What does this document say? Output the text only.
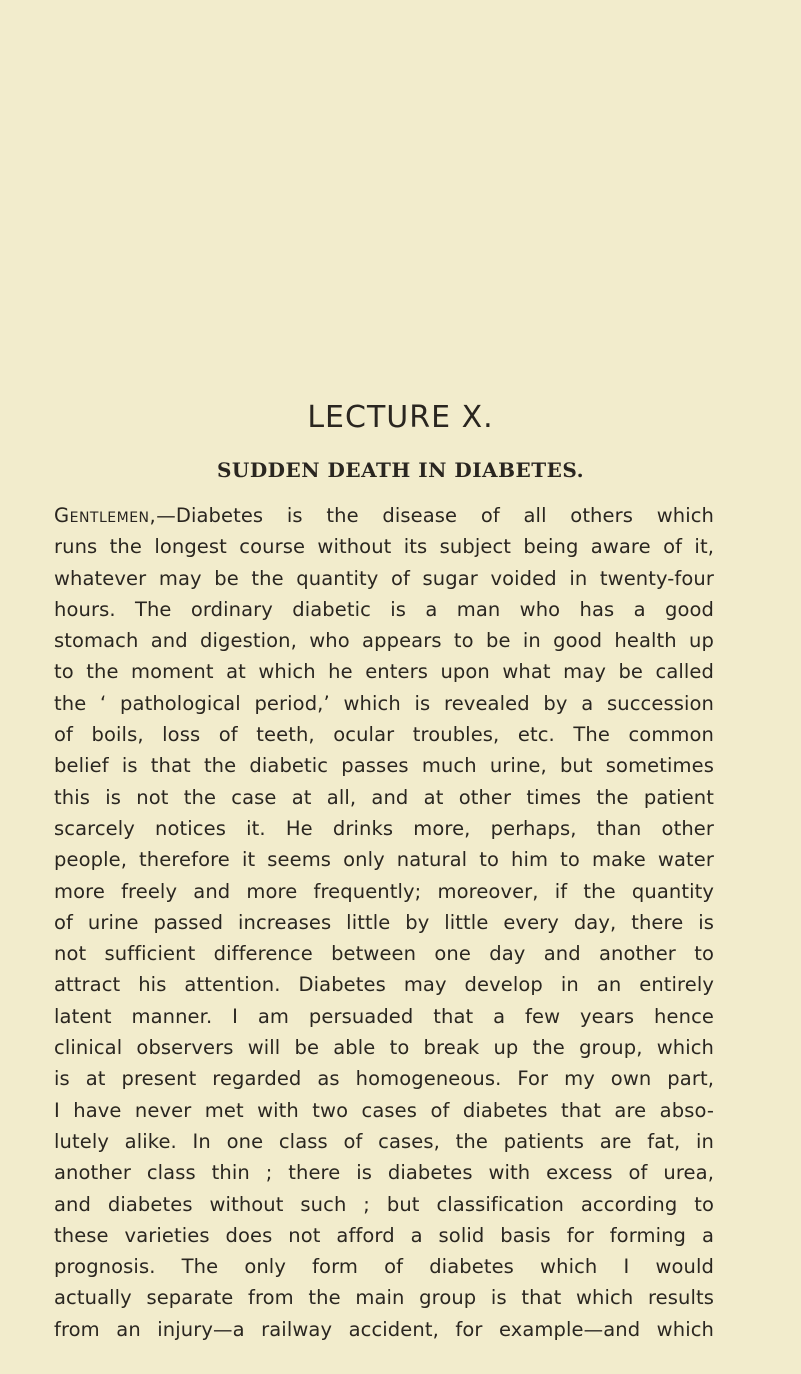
LECTURE X.
SUDDEN DEATH IN DIABETES.
Gentlemen,—Diabetes is the disease of all others which
runs the longest course without its subject being aware of it,
whatever may be the quantity of sugar voided in twenty-four
hours. The ordinary diabetic is a man who has a good
stomach and digestion, who appears to be in good health up
to the moment at which he enters upon what may be called
the ‘ pathological period,’ which is revealed by a succession
of boils, loss of teeth, ocular troubles, etc. The common
belief is that the diabetic passes much urine, but sometimes
this is not the case at all, and at other times the patient
scarcely notices it. He drinks more, perhaps, than other
people, therefore it seems only natural to him to make water
more freely and more frequently; moreover, if the quantity
of urine passed increases little by little every day, there is
not sufficient difference between one day and another to
attract his attention. Diabetes may develop in an entirely
latent manner. I am persuaded that a few years hence
clinical observers will be able to break up the group, which
is at present regarded as homogeneous. For my own part,
I have never met with two cases of diabetes that are abso-
lutely alike. In one class of cases, the patients are fat, in
another class thin ; there is diabetes with excess of urea,
and diabetes without such ; but classification according to
these varieties does not afford a solid basis for forming a
prognosis. The only form of diabetes which I would
actually separate from the main group is that which results
from an injury—a railway accident, for example—and which
